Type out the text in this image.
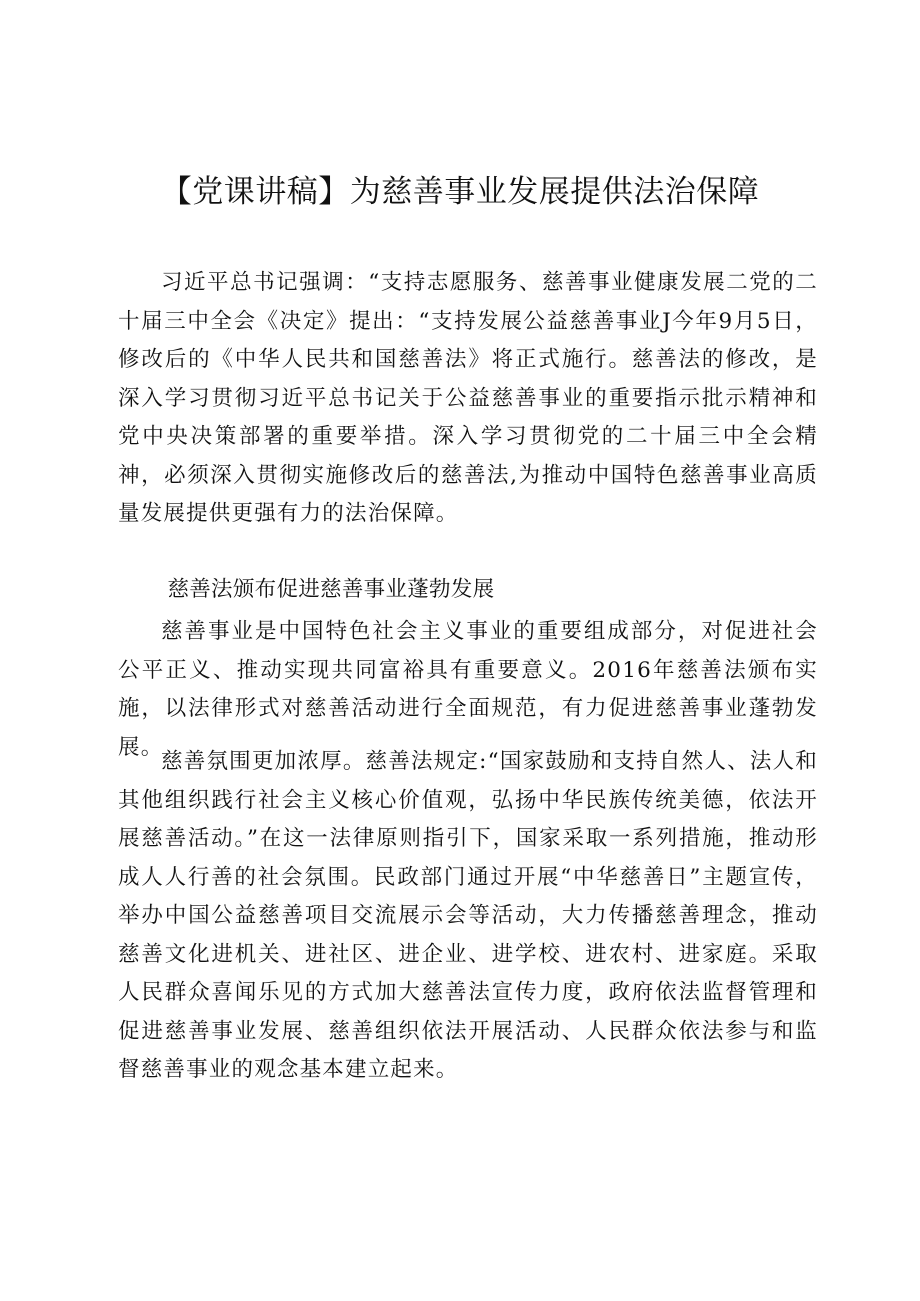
【党课讲稿】为慈善事业发展提供法治保障

习近平总书记强调：“支持志愿服务、慈善事业健康发展二党的二十届三中全会《决定》提出：“支持发展公益慈善事业J今年9月5日，修改后的《中华人民共和国慈善法》将正式施行。慈善法的修改，是深入学习贯彻习近平总书记关于公益慈善事业的重要指示批示精神和党中央决策部署的重要举措。深入学习贯彻党的二十届三中全会精神，必须深入贯彻实施修改后的慈善法,为推动中国特色慈善事业高质量发展提供更强有力的法治保障。

慈善法颁布促进慈善事业蓬勃发展

慈善事业是中国特色社会主义事业的重要组成部分，对促进社会公平正义、推动实现共同富裕具有重要意义。2016年慈善法颁布实施，以法律形式对慈善活动进行全面规范，有力促进慈善事业蓬勃发展。

慈善氛围更加浓厚。慈善法规定:“国家鼓励和支持自然人、法人和其他组织践行社会主义核心价值观，弘扬中华民族传统美德，依法开展慈善活动。”在这一法律原则指引下，国家采取一系列措施，推动形成人人行善的社会氛围。民政部门通过开展“中华慈善日”主题宣传，举办中国公益慈善项目交流展示会等活动，大力传播慈善理念，推动慈善文化进机关、进社区、进企业、进学校、进农村、进家庭。采取人民群众喜闻乐见的方式加大慈善法宣传力度，政府依法监督管理和促进慈善事业发展、慈善组织依法开展活动、人民群众依法参与和监督慈善事业的观念基本建立起来。
